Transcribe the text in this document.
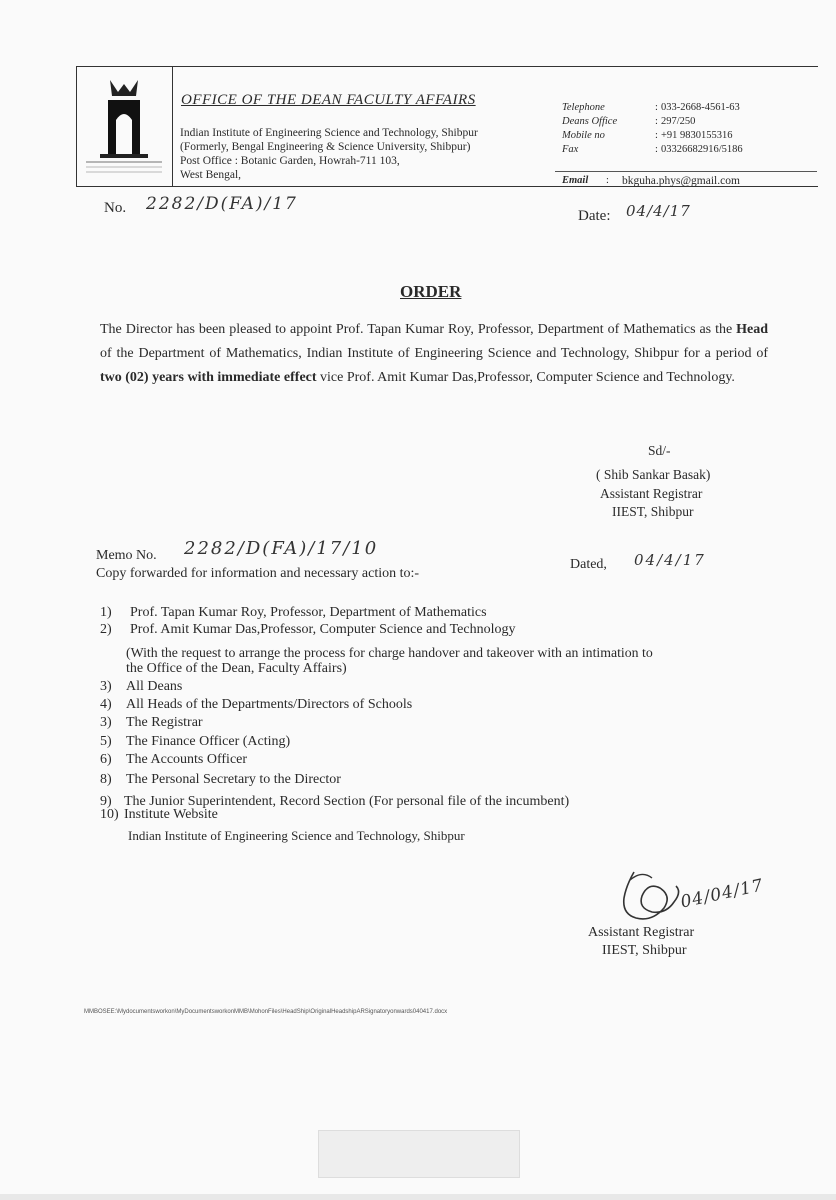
OFFICE OF THE DEAN FACULTY AFFAIRS
Indian Institute of Engineering Science and Technology, Shibpur
(Formerly, Bengal Engineering & Science University, Shibpur)
Post Office : Botanic Garden, Howrah-711 103,
West Bengal,
Telephone	: 033-2668-4561-63
Deans Office	: 297/250
Mobile no	: +91 9830155316
Fax	: 03326682916/5186
Email : bkguha.phys@gmail.com
No. 2282/D(FA)/17
Date: 04/4/17
ORDER
The Director has been pleased to appoint Prof. Tapan Kumar Roy, Professor, Department of Mathematics as the Head of the Department of Mathematics, Indian Institute of Engineering Science and Technology, Shibpur for a period of two (02) years with immediate effect vice Prof. Amit Kumar Das,Professor, Computer Science and Technology.
Sd/-
( Shib Sankar Basak)
Assistant Registrar
IIEST, Shibpur
Memo No. 2282/D(FA)/17/10
Dated, 04/4/17
Copy forwarded for information and necessary action to:-
1) Prof. Tapan Kumar Roy, Professor, Department of Mathematics
2) Prof. Amit Kumar Das,Professor, Computer Science and Technology
(With the request to arrange the process for charge handover and takeover with an intimation to
the Office of the Dean, Faculty Affairs)
3) All Deans
4) All Heads of the Departments/Directors of Schools
3) The Registrar
5) The Finance Officer (Acting)
6) The Accounts Officer
8) The Personal Secretary to the Director
9) The Junior Superintendent, Record Section (For personal file of the incumbent)
10) Institute Website
Indian Institute of Engineering Science and Technology, Shibpur
04/04/17
Assistant Registrar
IIEST, Shibpur
MMBOSEE:\Mydocumentsworkon\MyDocumentsworkonMMB\MohonFiles\HeadShip\OriginalHeadshipARSignatoryonwards040417.docx
